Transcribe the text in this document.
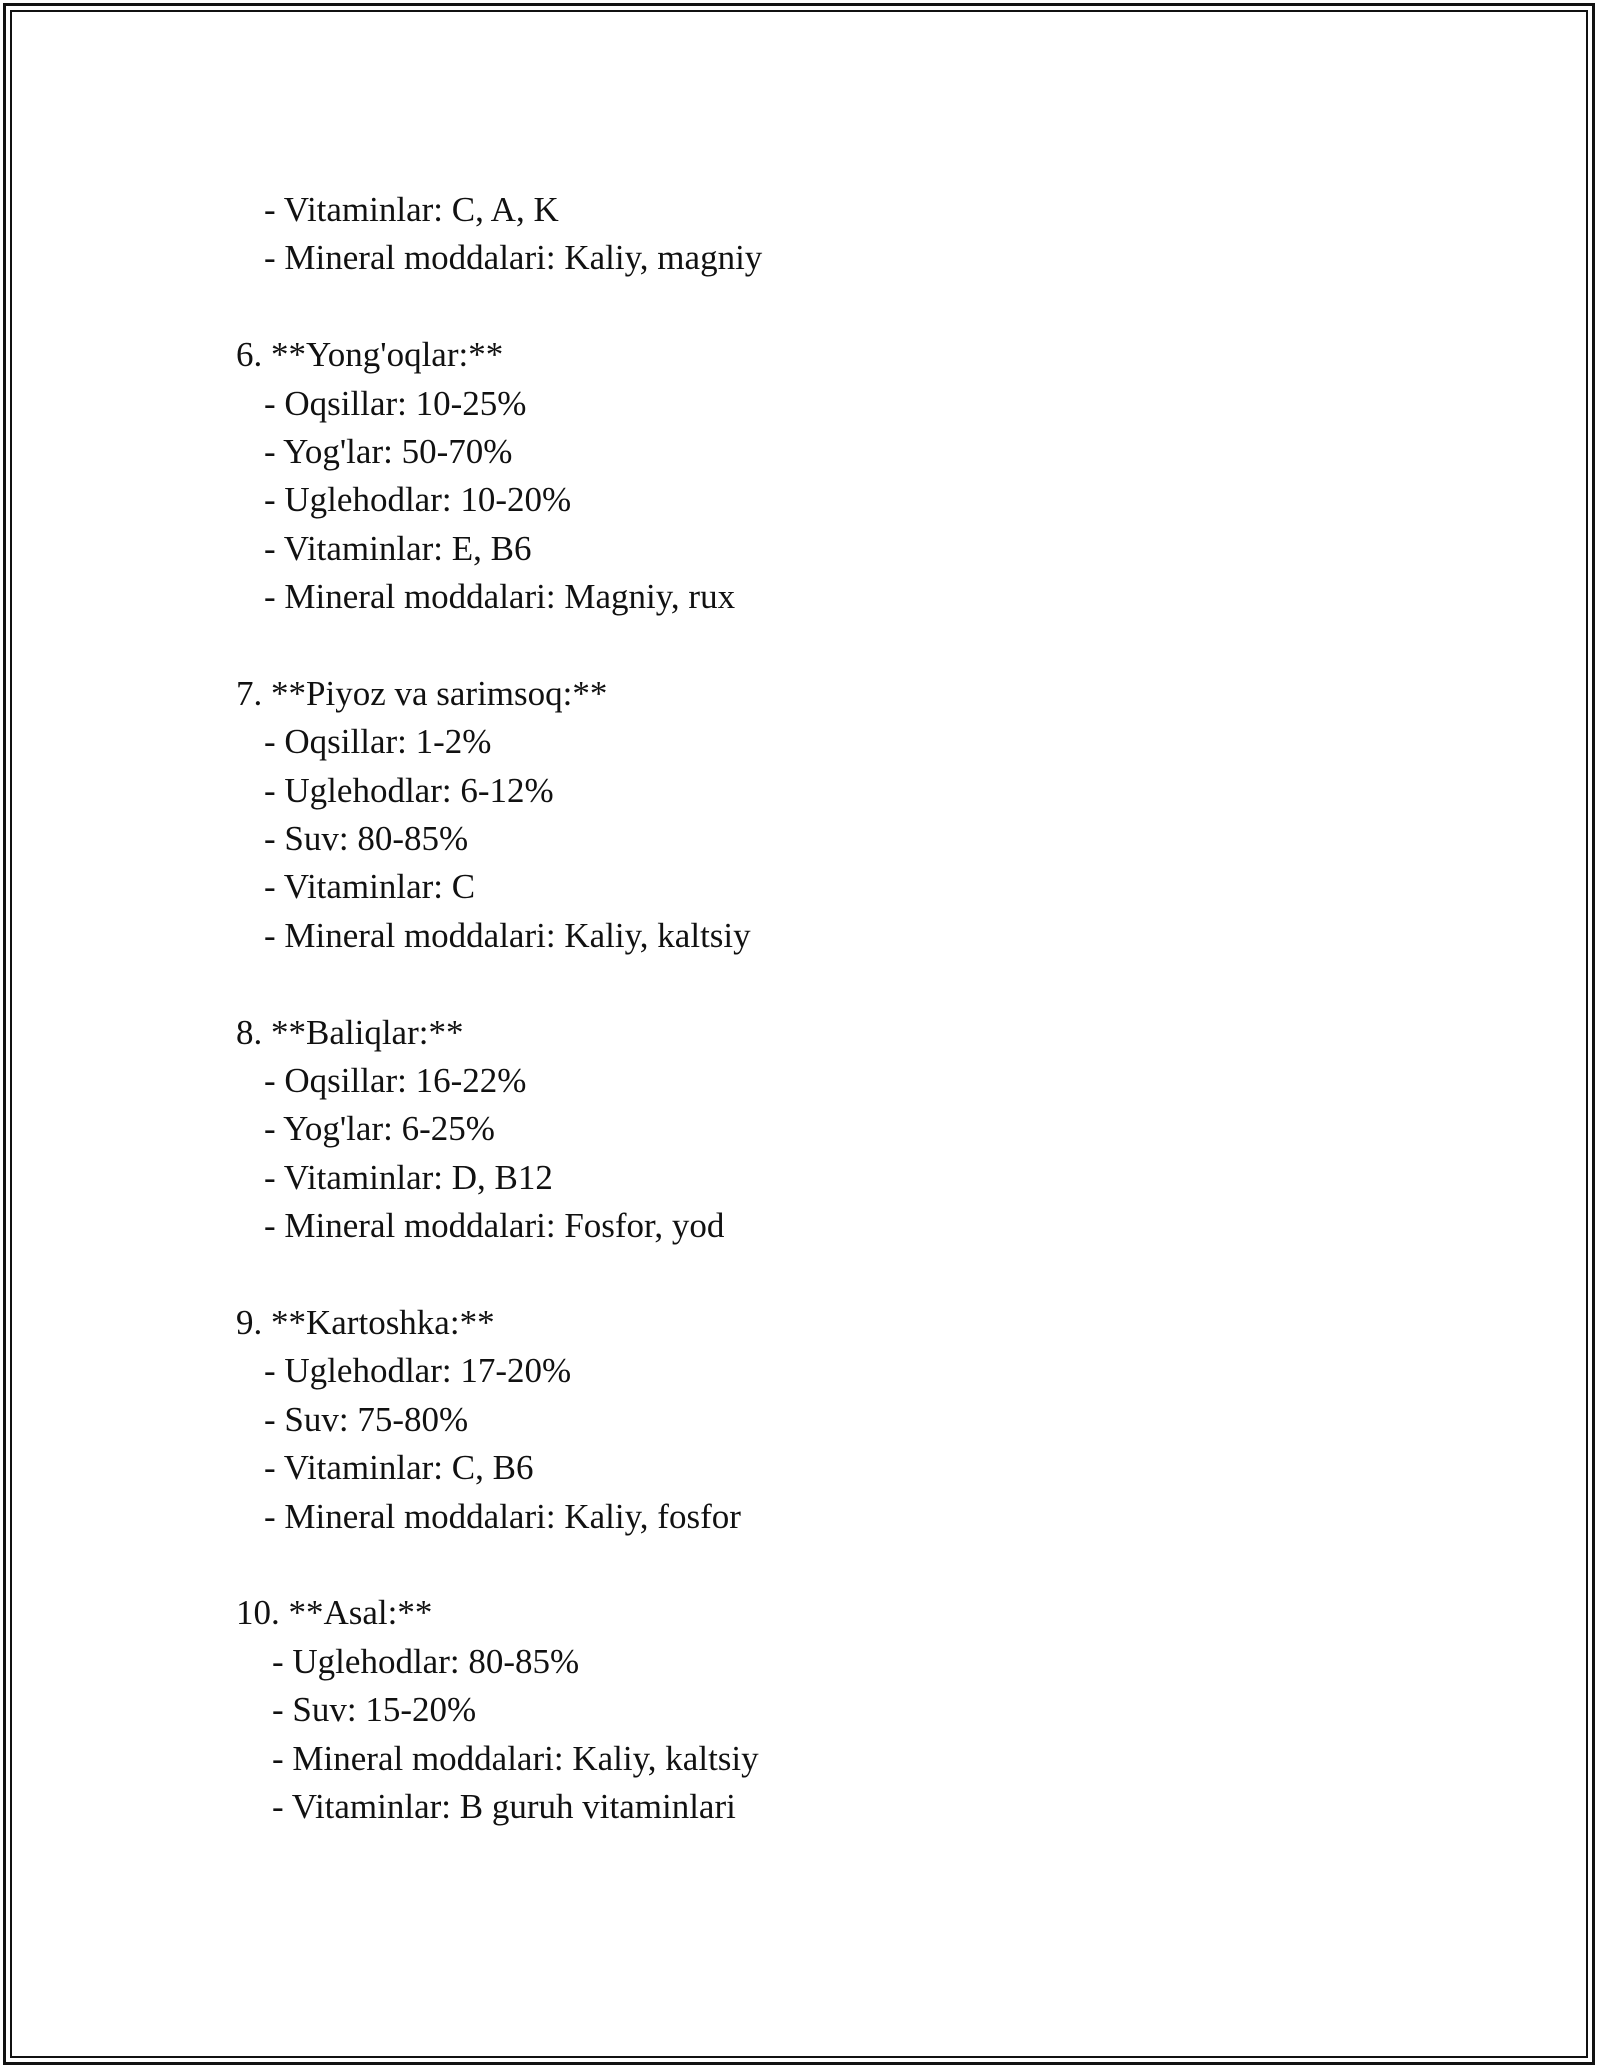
- Vitaminlar: C, A, K
- Mineral moddalari: Kaliy, magniy
6. **Yong'oqlar:**
- Oqsillar: 10-25%
- Yog'lar: 50-70%
- Uglehodlar: 10-20%
- Vitaminlar: E, B6
- Mineral moddalari: Magniy, rux
7. **Piyoz va sarimsoq:**
- Oqsillar: 1-2%
- Uglehodlar: 6-12%
- Suv: 80-85%
- Vitaminlar: C
- Mineral moddalari: Kaliy, kaltsiy
8. **Baliqlar:**
- Oqsillar: 16-22%
- Yog'lar: 6-25%
- Vitaminlar: D, B12
- Mineral moddalari: Fosfor, yod
9. **Kartoshka:**
- Uglehodlar: 17-20%
- Suv: 75-80%
- Vitaminlar: C, B6
- Mineral moddalari: Kaliy, fosfor
10. **Asal:**
- Uglehodlar: 80-85%
- Suv: 15-20%
- Mineral moddalari: Kaliy, kaltsiy
- Vitaminlar: B guruh vitaminlari
